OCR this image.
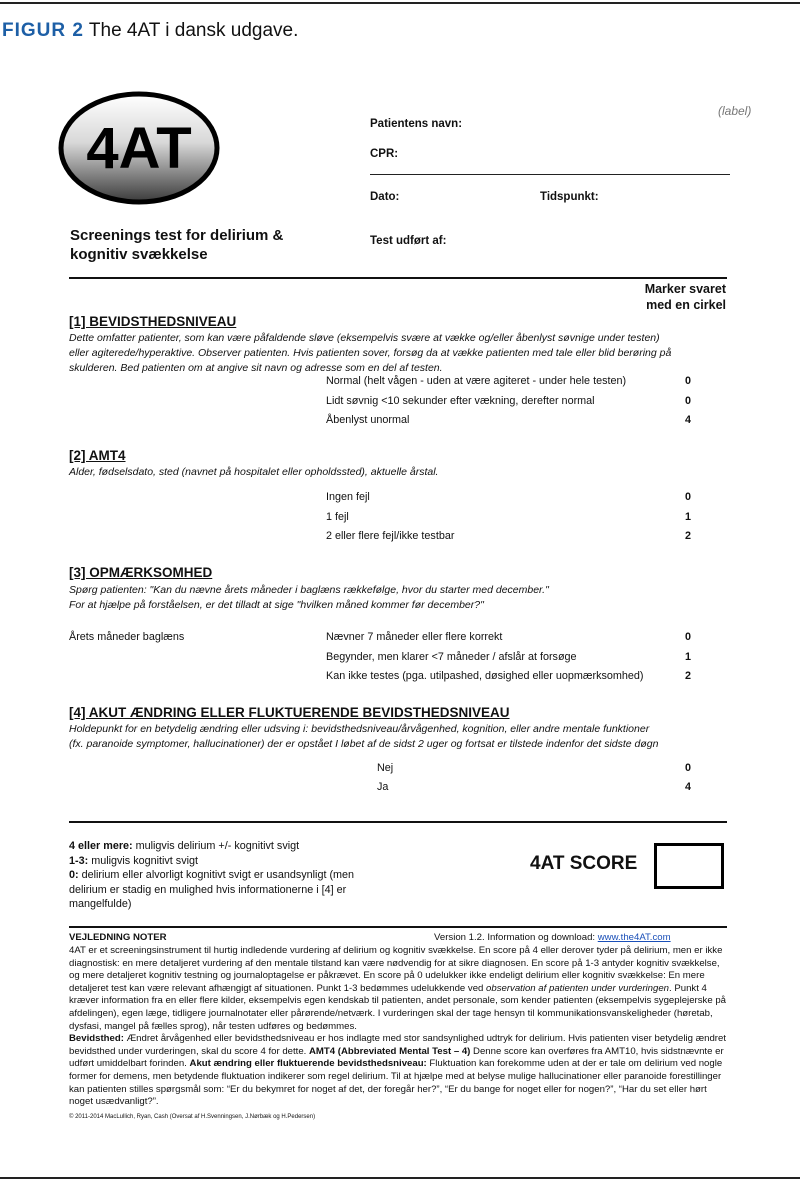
FIGUR 2 The 4AT i dansk udgave.
4AT
(label)
Patientens navn:
CPR:
Dato:	Tidspunkt:
Test udført af:
Screenings test for delirium &
kognitiv svækkelse
Marker svaret
med en cirkel
[1] BEVIDSTHEDSNIVEAU
Dette omfatter patienter, som kan være påfaldende sløve (eksempelvis svære at vække og/eller åbenlyst søvnige under testen)
eller agiterede/hyperaktive. Observer patienten. Hvis patienten sover, forsøg da at vække patienten med tale eller blid berøring på
skulderen. Bed patienten om at angive sit navn og adresse som en del af testen.
Normal (helt vågen - uden at være agiteret - under hele testen)	0
Lidt søvnig <10 sekunder efter vækning, derefter normal	0
Åbenlyst unormal	4
[2] AMT4
Alder, fødselsdato, sted (navnet på hospitalet eller opholdssted), aktuelle årstal.
Ingen fejl	0
1 fejl	1
2 eller flere fejl/ikke testbar	2
[3] OPMÆRKSOMHED
Spørg patienten: "Kan du nævne årets måneder i baglæns rækkefølge, hvor du starter med december."
For at hjælpe på forståelsen, er det tilladt at sige "hvilken måned kommer før december?"
Årets måneder baglæns	Nævner 7 måneder eller flere korrekt	0
Begynder, men klarer <7 måneder / afslår at forsøge	1
Kan ikke testes (pga. utilpashed, døsighed eller uopmærksomhed)	2
[4] AKUT ÆNDRING ELLER FLUKTUERENDE BEVIDSTHEDSNIVEAU
Holdepunkt for en betydelig ændring eller udsving i: bevidsthedsniveau/årvågenhed, kognition, eller andre mentale funktioner
(fx. paranoide symptomer, hallucinationer) der er opstået I løbet af de sidst 2 uger og fortsat er tilstede indenfor det sidste døgn
Nej	0
Ja	4
4 eller mere: muligvis delirium +/- kognitivt svigt
1-3: muligvis kognitivt svigt
0: delirium eller alvorligt kognitivt svigt er usandsynligt (men delirium er stadig en mulighed hvis informationerne i [4] er mangelfulde)
4AT SCORE
VEJLEDNING NOTER	Version 1.2. Information og download: www.the4AT.com

4AT er et screeningsinstrument til hurtig indledende vurdering af delirium og kognitiv svækkelse. En score på 4 eller derover tyder på delirium, men er ikke diagnostisk: en mere detaljeret vurdering af den mentale tilstand kan være nødvendig for at sikre diagnosen. En score på 1-3 antyder kognitiv svækkelse, og mere detaljeret kognitiv testning og journaloptagelse er påkrævet. En score på 0 udelukker ikke endeligt delirium eller kognitiv svækkelse: En mere detaljeret test kan være relevant afhængigt af situationen. Punkt 1-3 bedømmes udelukkende ved observation af patienten under vurderingen. Punkt 4 kræver information fra en eller flere kilder, eksempelvis egen kendskab til patienten, andet personale, som kender patienten (eksempelvis sygeplejerske på afdelingen), egen læge, tidligere journalnotater eller pårørende/netværk. I vurderingen skal der tage hensyn til kommunikationsvanskeligheder (høretab, dysfasi, mangel på fælles sprog), når testen udføres og bedømmes.

Bevidsthed: Ændret årvågenhed eller bevidsthedsniveau er hos indlagte med stor sandsynlighed udtryk for delirium. Hvis patienten viser betydelig ændret bevidsthed under vurderingen, skal du score 4 for dette. AMT4 (Abbreviated Mental Test – 4) Denne score kan overføres fra AMT10, hvis sidstnævnte er udført umiddelbart forinden. Akut ændring eller fluktuerende bevidsthedsniveau: Fluktuation kan forekomme uden at der er tale om delirium ved nogle former for demens, men betydende fluktuation indikerer som regel delirium. Til at hjælpe med at belyse mulige hallucinationer eller paranoide forestillinger kan patienten stilles spørgsmål som: “Er du bekymret for noget af det, der foregår her?”, “Er du bange for noget eller for nogen?”, “Har du set eller hørt noget usædvanligt?”.

© 2011-2014 MacLullich, Ryan, Cash (Oversat af H.Svenningsen, J.Nørbæk og H.Pedersen)
